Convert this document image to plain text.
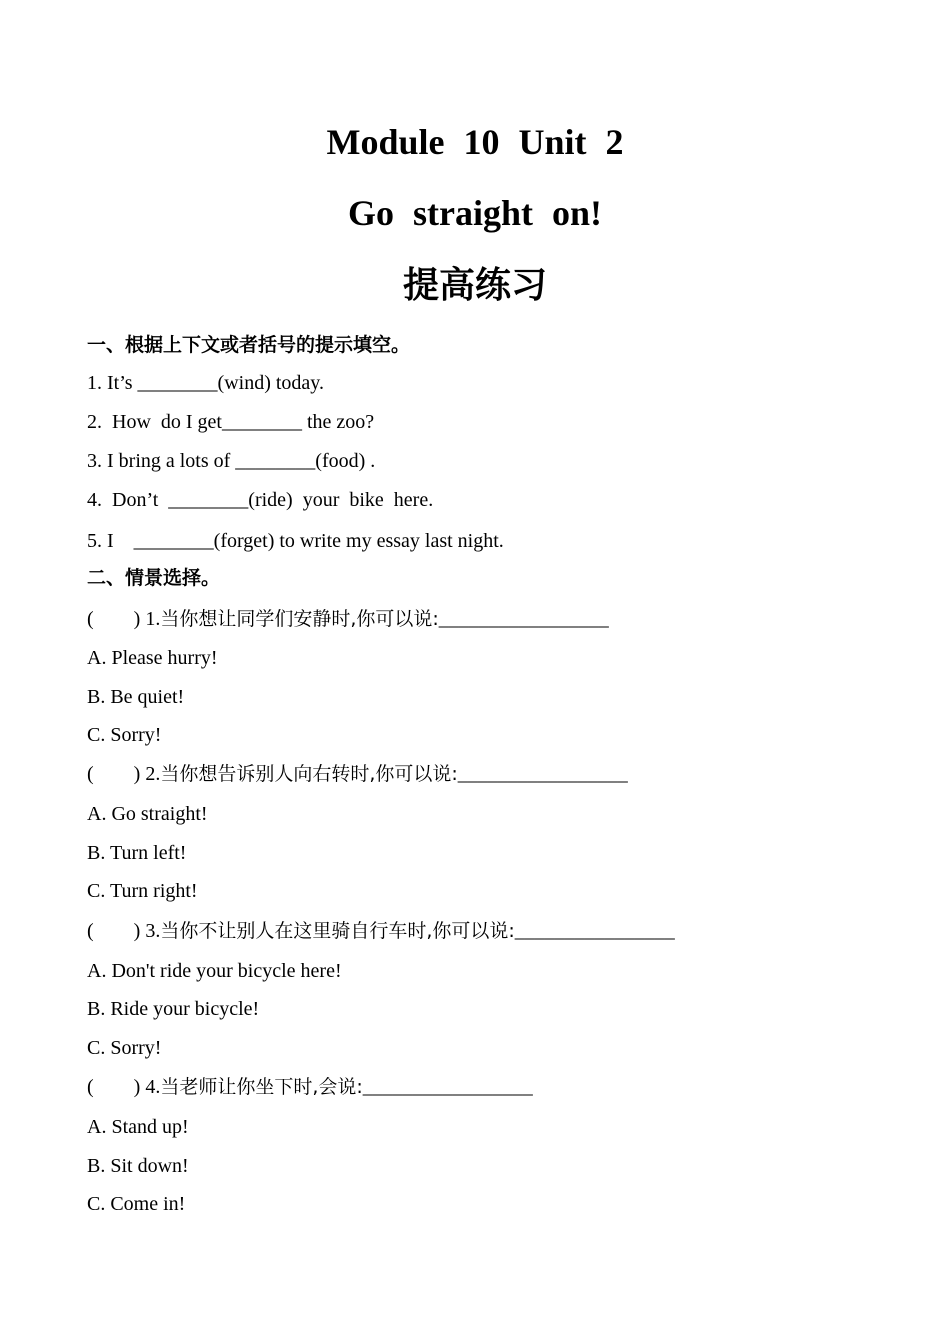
Module 10 Unit 2
Go straight on!
提高练习
一、根据上下文或者括号的提示填空。
1. It’s ________(wind) today.
2.  How  do I get________ the zoo?
3. I bring a lots of ________(food) .
4.  Don’t  ________(ride)  your  bike  here.
5. I    ________(forget) to write my essay last night.
二、情景选择。
(        ) 1.当你想让同学们安静时,你可以说:_________________
A. Please hurry!
B. Be quiet!
C. Sorry!
(        ) 2.当你想告诉别人向右转时,你可以说:_________________
A. Go straight!
B. Turn left!
C. Turn right!
(        ) 3.当你不让别人在这里骑自行车时,你可以说:________________
A. Don't ride your bicycle here!
B. Ride your bicycle!
C. Sorry!
(        ) 4.当老师让你坐下时,会说:_________________
A. Stand up!
B. Sit down!
C. Come in!
